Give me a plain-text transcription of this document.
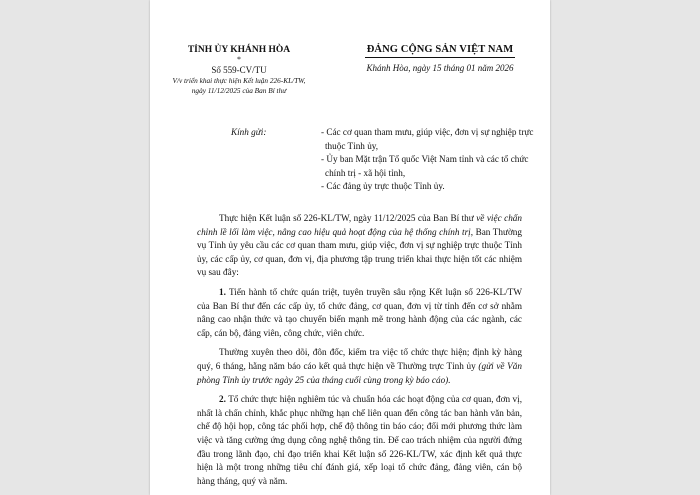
TỈNH ỦY KHÁNH HÒA
*
Số 559-CV/TU
V/v triển khai thực hiện Kết luận 226-KL/TW,
ngày 11/12/2025 của Ban Bí thư
ĐẢNG CỘNG SẢN VIỆT NAM
Khánh Hòa, ngày 15 tháng 01 năm 2026
Kính gửi:	- Các cơ quan tham mưu, giúp việc, đơn vị sự nghiệp trực thuộc Tỉnh ủy,

- Ủy ban Mặt trận Tổ quốc Việt Nam tỉnh và các tổ chức chính trị - xã hội tỉnh,

- Các đảng ủy trực thuộc Tỉnh ủy.

Thực hiện Kết luận số 226-KL/TW, ngày 11/12/2025 của Ban Bí thư về việc chấn chỉnh lề lối làm việc, nâng cao hiệu quả hoạt động của hệ thống chính trị, Ban Thường vụ Tỉnh ủy yêu cầu các cơ quan tham mưu, giúp việc, đơn vị sự nghiệp trực thuộc Tỉnh ủy, các cấp ủy, cơ quan, đơn vị, địa phương tập trung triển khai thực hiện tốt các nhiệm vụ sau đây:

1. Tiến hành tổ chức quán triệt, tuyên truyền sâu rộng Kết luận số 226-KL/TW của Ban Bí thư đến các cấp ủy, tổ chức đảng, cơ quan, đơn vị từ tỉnh đến cơ sở nhằm nâng cao nhận thức và tạo chuyển biến mạnh mẽ trong hành động của các ngành, các cấp, cán bộ, đảng viên, công chức, viên chức.

Thường xuyên theo dõi, đôn đốc, kiểm tra việc tổ chức thực hiện; định kỳ hàng quý, 6 tháng, hằng năm báo cáo kết quả thực hiện về Thường trực Tỉnh ủy (gửi về Văn phòng Tỉnh ủy trước ngày 25 của tháng cuối cùng trong kỳ báo cáo).

2. Tổ chức thực hiện nghiêm túc và chuẩn hóa các hoạt động của cơ quan, đơn vị, nhất là chấn chỉnh, khắc phục những hạn chế liên quan đến công tác ban hành văn bản, chế độ hội họp, công tác phối hợp, chế độ thông tin báo cáo; đổi mới phương thức làm việc và tăng cường ứng dụng công nghệ thông tin. Để cao trách nhiệm của người đứng đầu trong lãnh đạo, chỉ đạo triển khai Kết luận số 226-KL/TW, xác định kết quả thực hiện là một trong những tiêu chí đánh giá, xếp loại tổ chức đảng, đảng viên, cán bộ hàng tháng, quý và năm.
